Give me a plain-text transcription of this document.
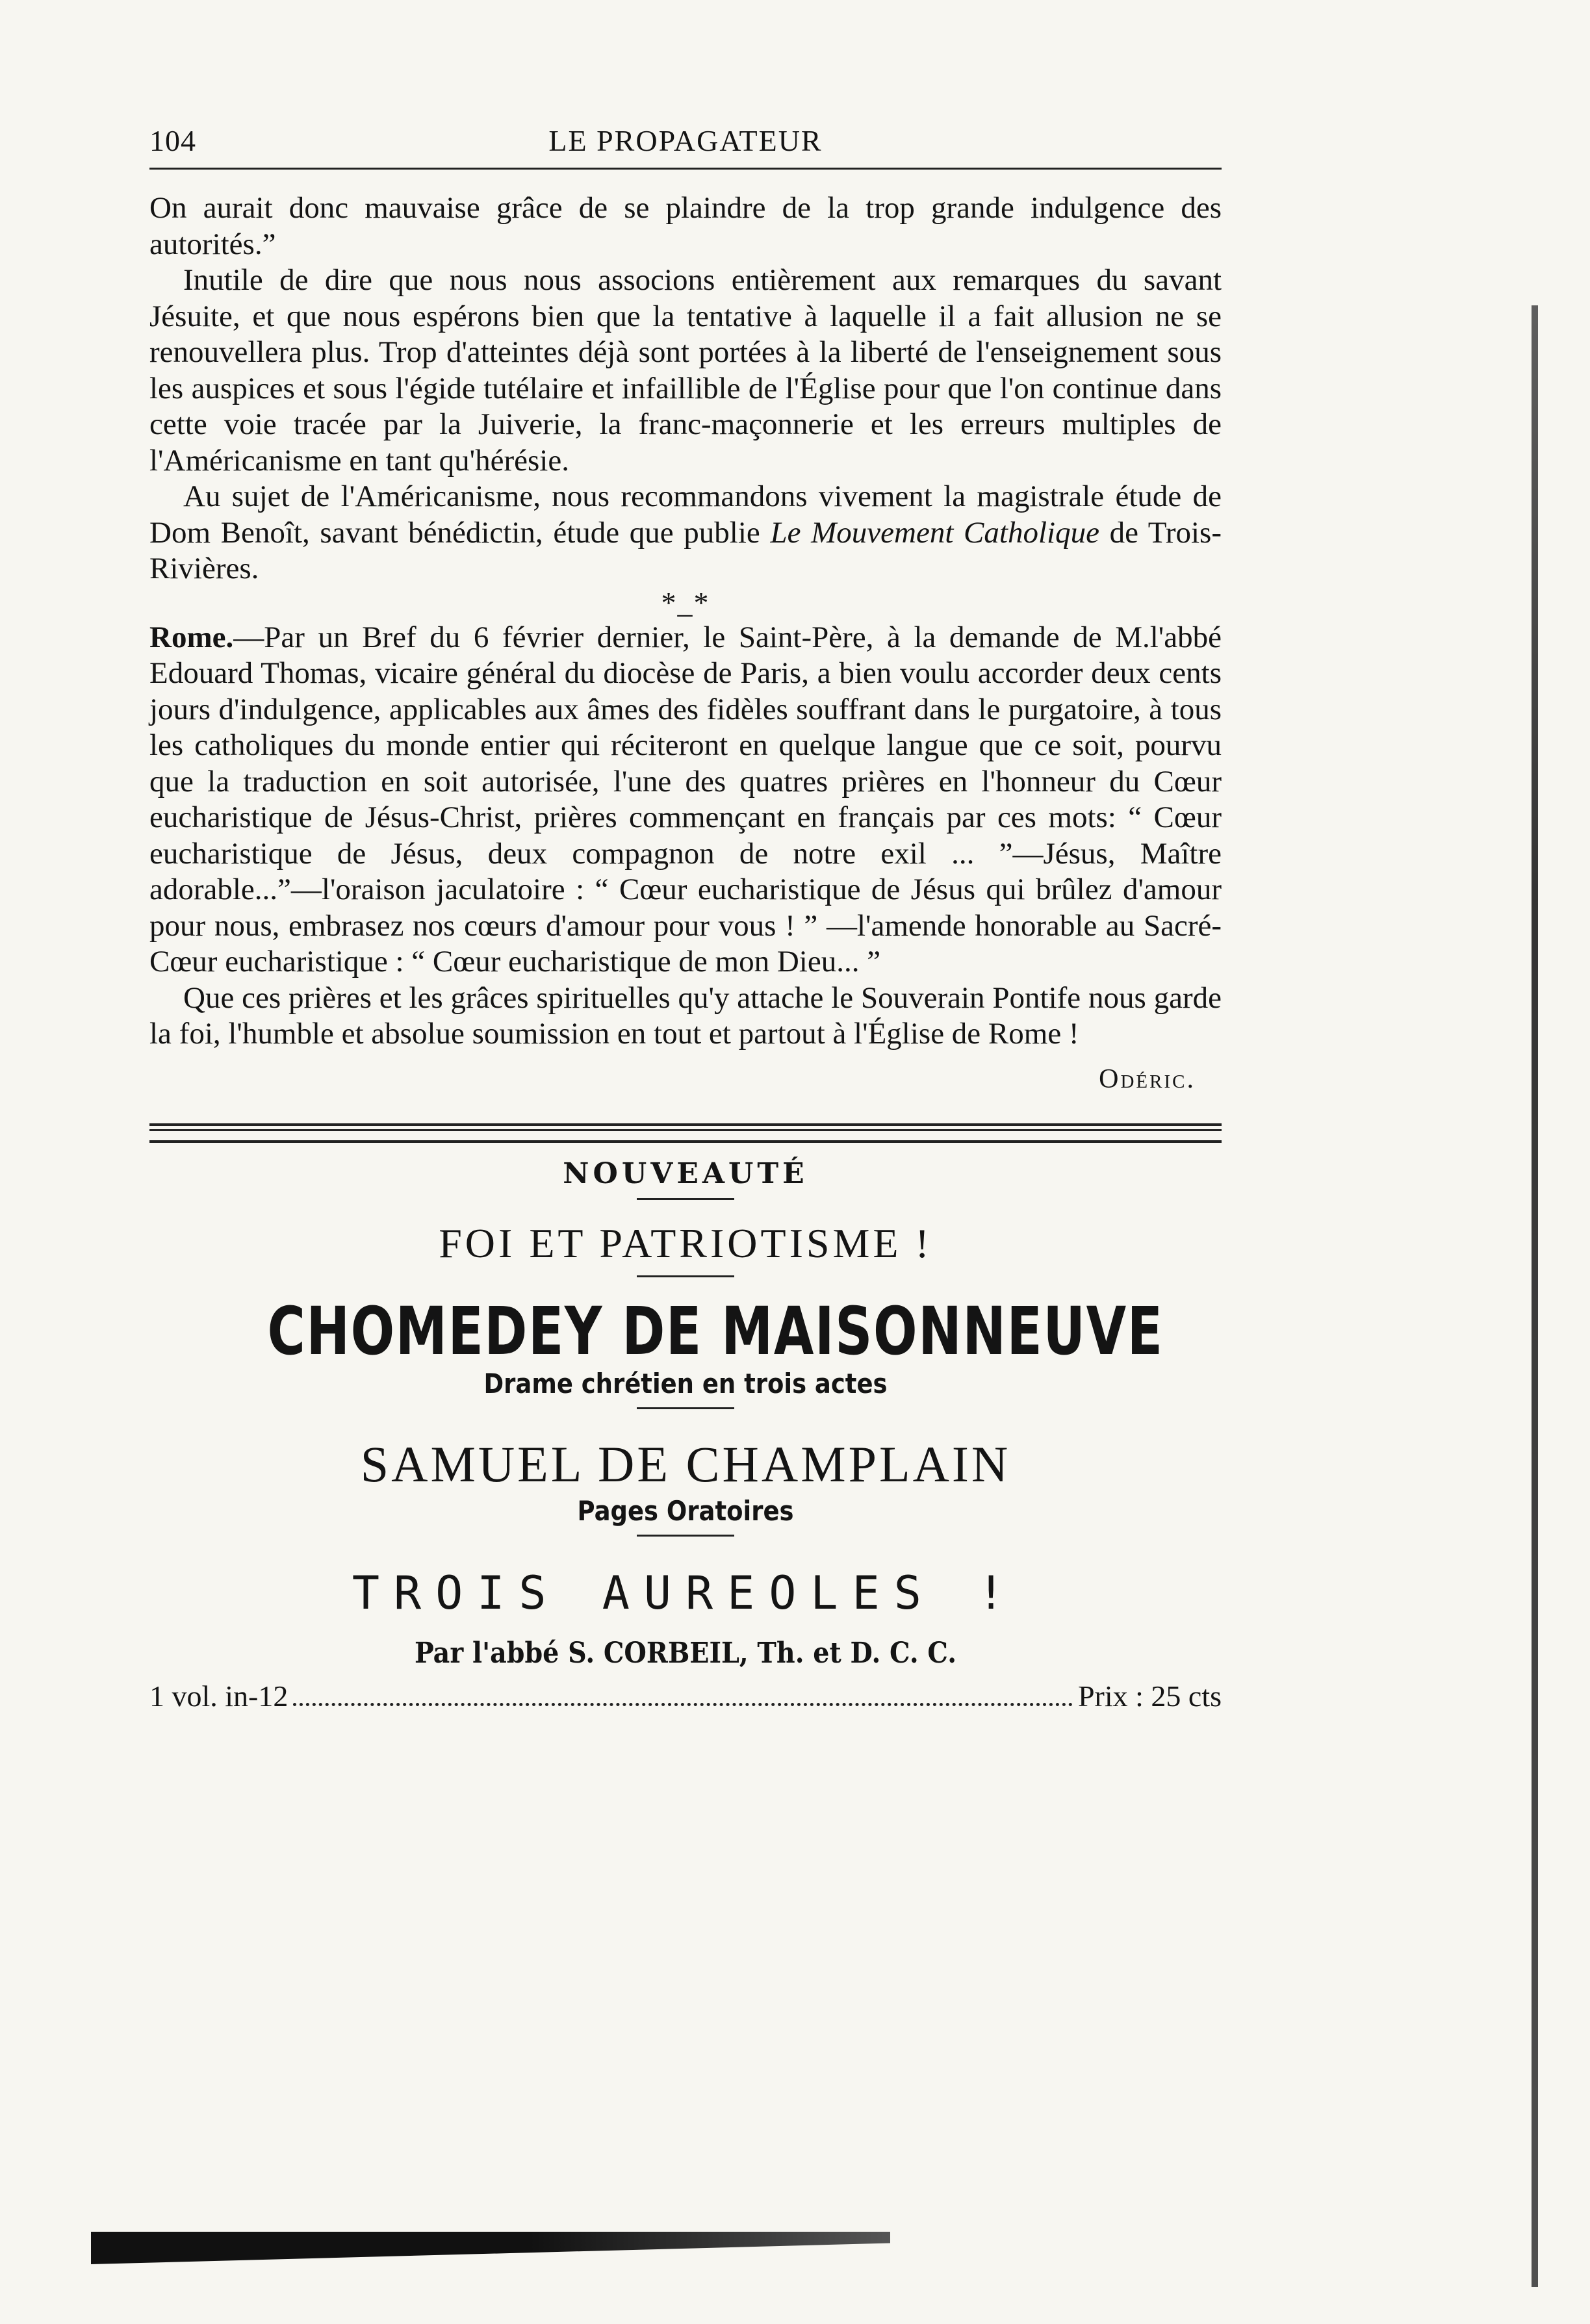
104	LE PROPAGATEUR

On aurait donc mauvaise grâce de se plaindre de la trop grande indulgence des autorités.”

Inutile de dire que nous nous associons entièrement aux remarques du savant Jésuite, et que nous espérons bien que la tentative à laquelle il a fait allusion ne se renouvellera plus. Trop d'atteintes déjà sont portées à la liberté de l'enseignement sous les auspices et sous l'égide tutélaire et infaillible de l'Église pour que l'on continue dans cette voie tracée par la Juiverie, la franc-maçonnerie et les erreurs multiples de l'Américanisme en tant qu'hérésie.

Au sujet de l'Américanisme, nous recommandons vivement la magistrale étude de Dom Benoît, savant bénédictin, étude que publie Le Mouvement Catholique de Trois-Rivières.

*_*

Rome.—Par un Bref du 6 février dernier, le Saint-Père, à la demande de M.l'abbé Edouard Thomas, vicaire général du diocèse de Paris, a bien voulu accorder deux cents jours d'indulgence, applicables aux âmes des fidèles souffrant dans le purgatoire, à tous les catholiques du monde entier qui réciteront en quelque langue que ce soit, pourvu que la traduction en soit autorisée, l'une des quatres prières en l'honneur du Cœur eucharistique de Jésus-Christ, prières commençant en français par ces mots: “ Cœur eucharistique de Jésus, deux compagnon de notre exil ... ”—Jésus, Maître adorable...”—l'oraison jaculatoire : “ Cœur eucharistique de Jésus qui brûlez d'amour pour nous, embrasez nos cœurs d'amour pour vous ! ” —l'amende honorable au Sacré-Cœur eucharistique : “ Cœur eucharistique de mon Dieu... ”

Que ces prières et les grâces spirituelles qu'y attache le Souverain Pontife nous garde la foi, l'humble et absolue soumission en tout et partout à l'Église de Rome !

Odéric.
NOUVEAUTÉ
FOI ET PATRIOTISME !
CHOMEDEY DE MAISONNEUVE
Drame chrétien en trois actes
SAMUEL DE CHAMPLAIN
Pages Oratoires
TROIS AUREOLES !
Par l'abbé S. CORBEIL, Th. et D. C. C.
1 vol. in-12	Prix : 25 cts
